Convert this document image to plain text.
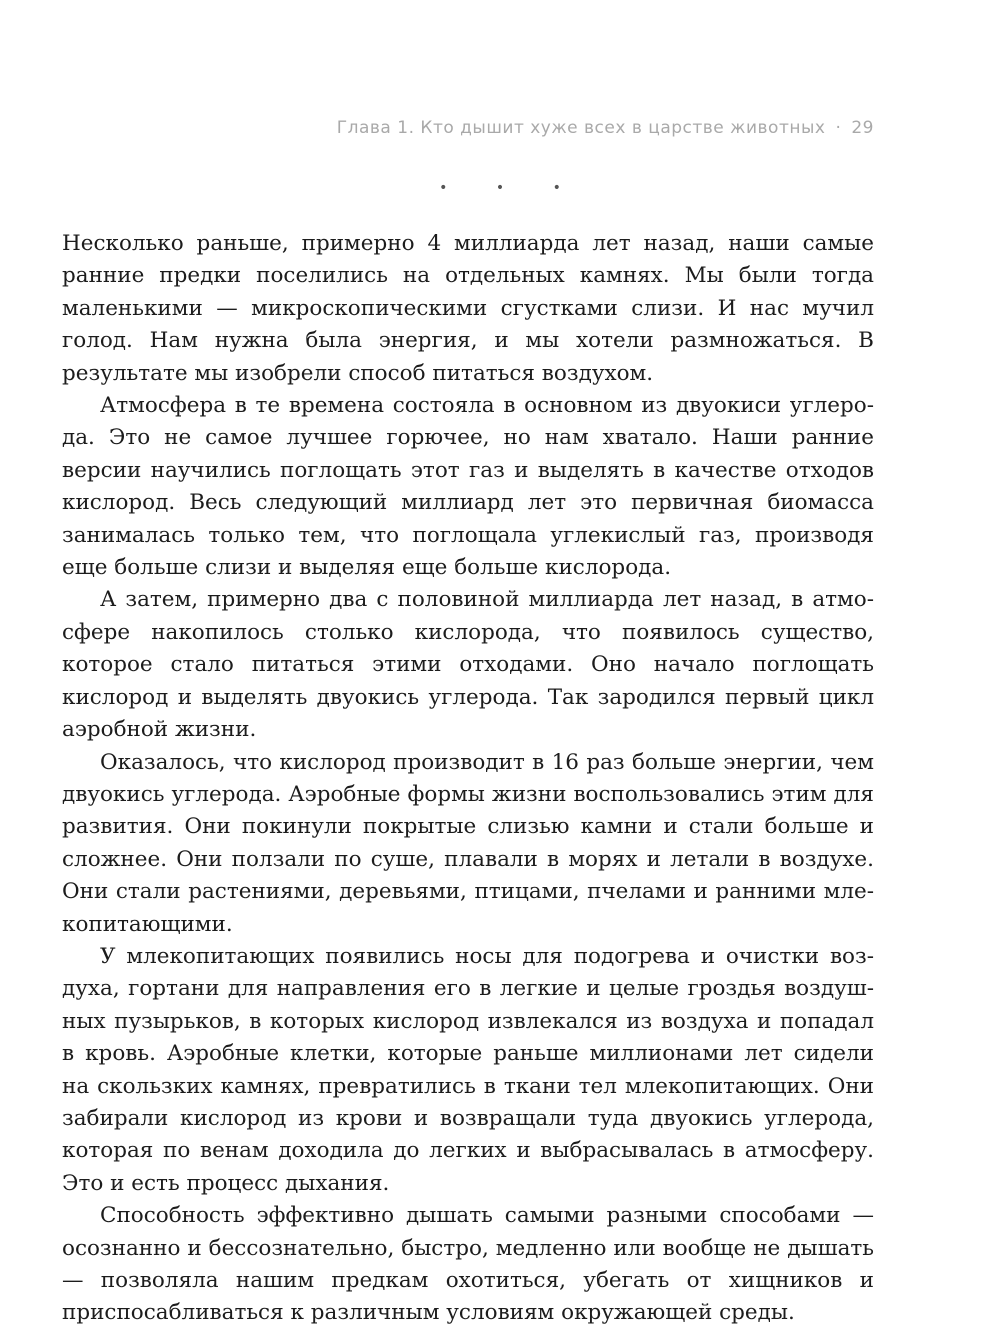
Глава 1. Кто дышит хуже всех в царстве животных · 29
• • •

Несколько раньше, примерно 4 миллиарда лет назад, наши самые ранние предки поселились на отдельных камнях. Мы были тогда маленькими — микроскопическими сгустками слизи. И нас мучил голод. Нам нужна была энергия, и мы хотели размножаться. В результате мы изобрели способ питаться воздухом.

Атмосфера в те времена состояла в основном из двуокиси углерода. Это не самое лучшее горючее, но нам хватало. Наши ранние версии научились поглощать этот газ и выделять в качестве отходов кислород. Весь следующий миллиард лет это первичная биомасса занималась только тем, что поглощала углекислый газ, производя еще больше слизи и выделяя еще больше кислорода.

А затем, примерно два с половиной миллиарда лет назад, в атмосфере накопилось столько кислорода, что появилось существо, которое стало питаться этими отходами. Оно начало поглощать кислород и выделять двуокись углерода. Так зародился первый цикл аэробной жизни.

Оказалось, что кислород производит в 16 раз больше энергии, чем двуокись углерода. Аэробные формы жизни воспользовались этим для развития. Они покинули покрытые слизью камни и стали больше и сложнее. Они ползали по суше, плавали в морях и летали в воздухе. Они стали растениями, деревьями, птицами, пчелами и ранними млекопитающими.

У млекопитающих появились носы для подогрева и очистки воздуха, гортани для направления его в легкие и целые гроздья воздушных пузырьков, в которых кислород извлекался из воздуха и попадал в кровь. Аэробные клетки, которые раньше миллионами лет сидели на скользких камнях, превратились в ткани тел млекопитающих. Они забирали кислород из крови и возвращали туда двуокись углерода, которая по венам доходила до легких и выбрасывалась в атмосферу. Это и есть процесс дыхания.

Способность эффективно дышать самыми разными способами — осознанно и бессознательно, быстро, медленно или вообще не дышать — позволяла нашим предкам охотиться, убегать от хищников и приспосабливаться к различным условиям окружающей среды.
